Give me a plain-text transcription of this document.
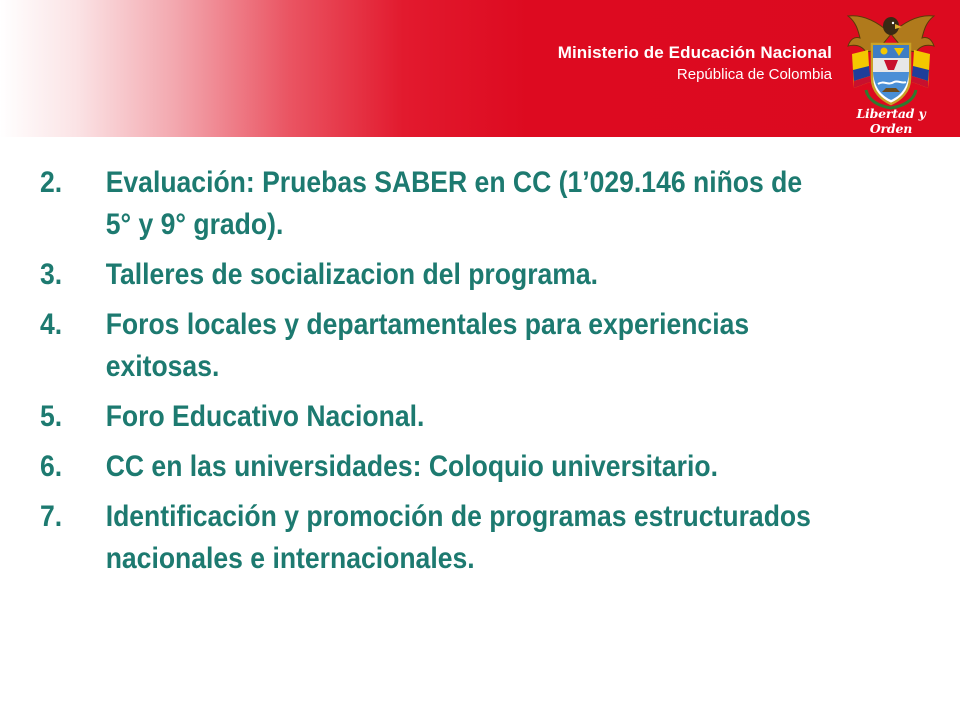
Ministerio de Educación Nacional
República de Colombia
Libertad y Orden
2.	Evaluación: Pruebas SABER en CC (1’029.146 niños de 5° y 9° grado).
3.	Talleres de socializacion del programa.
4.	Foros locales y departamentales para experiencias exitosas.
5.	Foro Educativo Nacional.
6.	CC en las universidades: Coloquio universitario.
7.	Identificación y promoción de programas estructurados nacionales e internacionales.
